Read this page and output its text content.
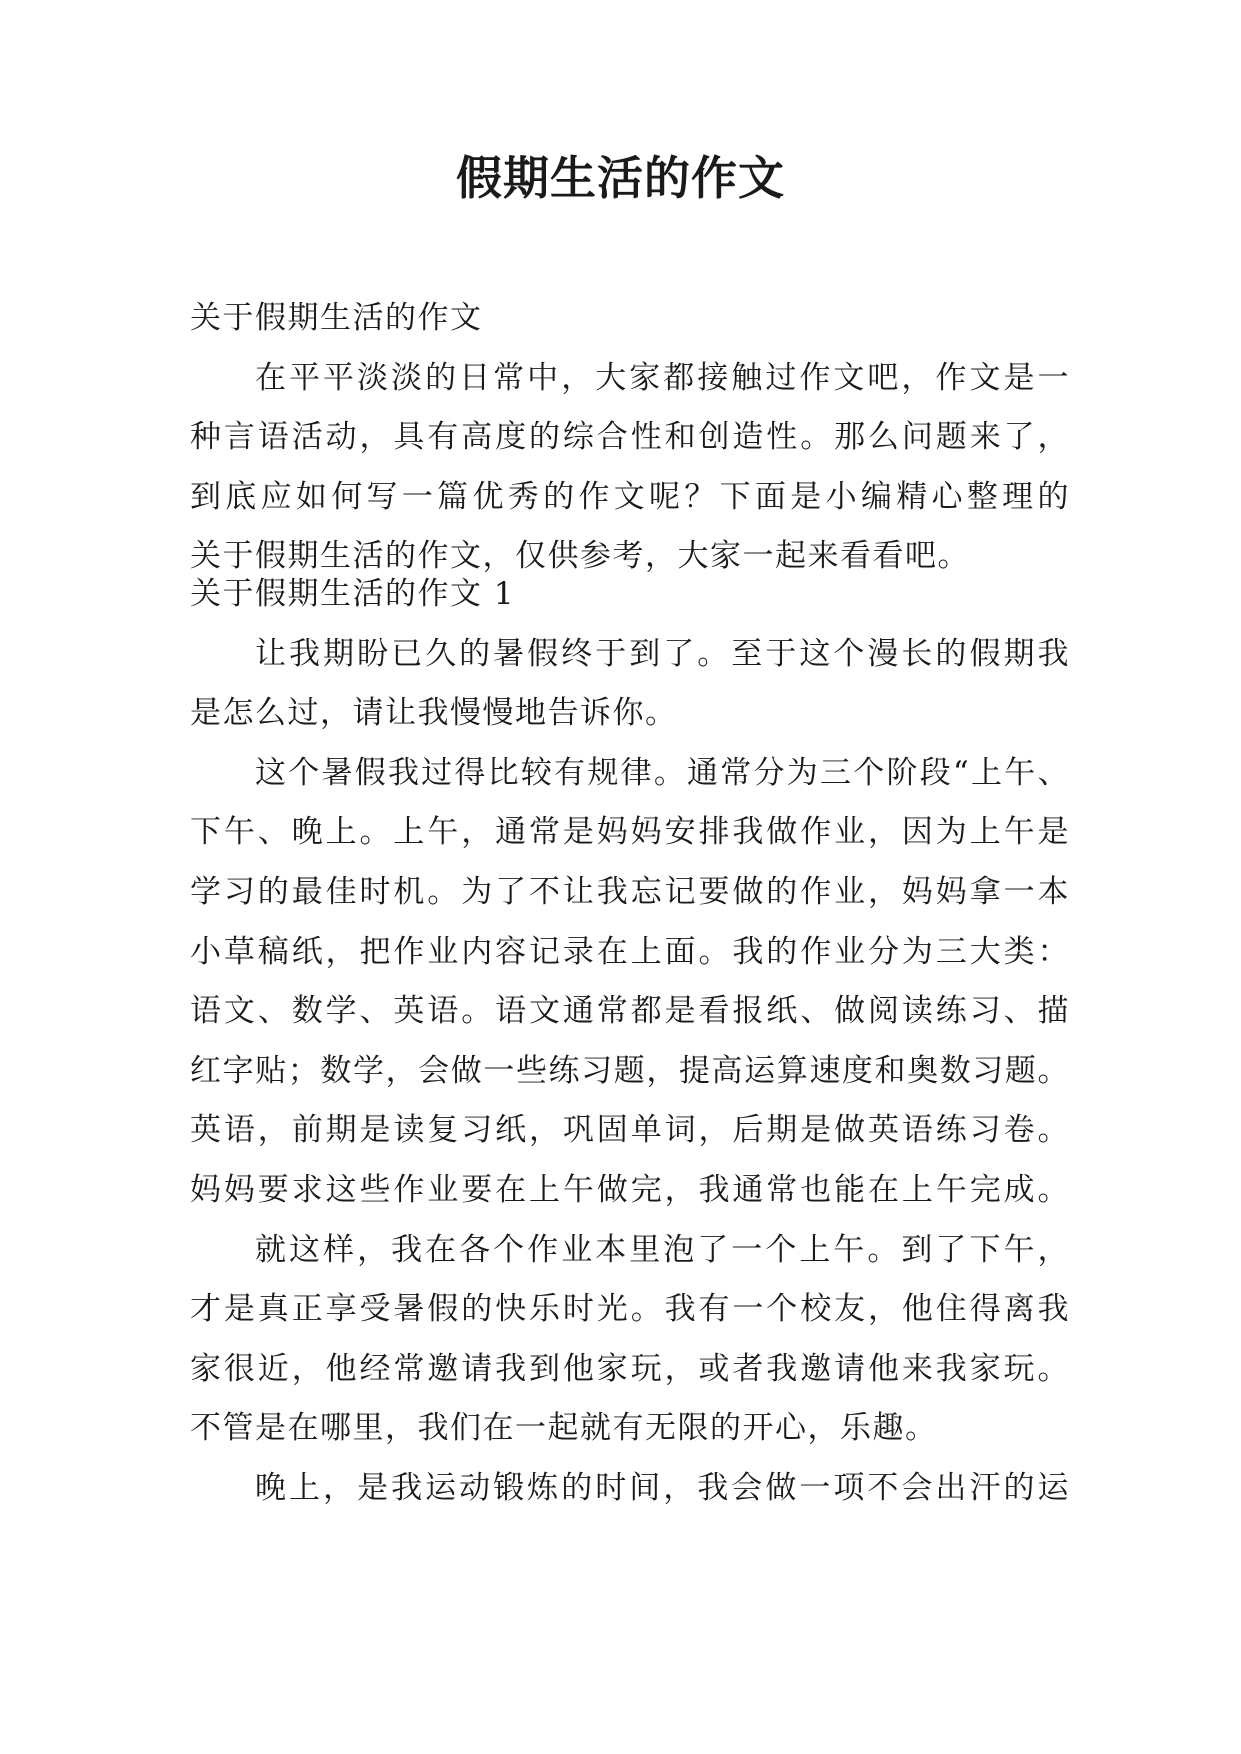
假期生活的作文
关于假期生活的作文
在平平淡淡的日常中，大家都接触过作文吧，作文是一
种言语活动，具有高度的综合性和创造性。那么问题来了，
到底应如何写一篇优秀的作文呢？下面是小编精心整理的
关于假期生活的作文，仅供参考，大家一起来看看吧。
关于假期生活的作文 1
让我期盼已久的暑假终于到了。至于这个漫长的假期我
是怎么过，请让我慢慢地告诉你。
这个暑假我过得比较有规律。通常分为三个阶段“上午、
下午、晚上。上午，通常是妈妈安排我做作业，因为上午是
学习的最佳时机。为了不让我忘记要做的作业，妈妈拿一本
小草稿纸，把作业内容记录在上面。我的作业分为三大类：
语文、数学、英语。语文通常都是看报纸、做阅读练习、描
红字贴；数学，会做一些练习题，提高运算速度和奥数习题。
英语，前期是读复习纸，巩固单词，后期是做英语练习卷。
妈妈要求这些作业要在上午做完，我通常也能在上午完成。
就这样，我在各个作业本里泡了一个上午。到了下午，
才是真正享受暑假的快乐时光。我有一个校友，他住得离我
家很近，他经常邀请我到他家玩，或者我邀请他来我家玩。
不管是在哪里，我们在一起就有无限的开心，乐趣。
晚上，是我运动锻炼的时间，我会做一项不会出汗的运
